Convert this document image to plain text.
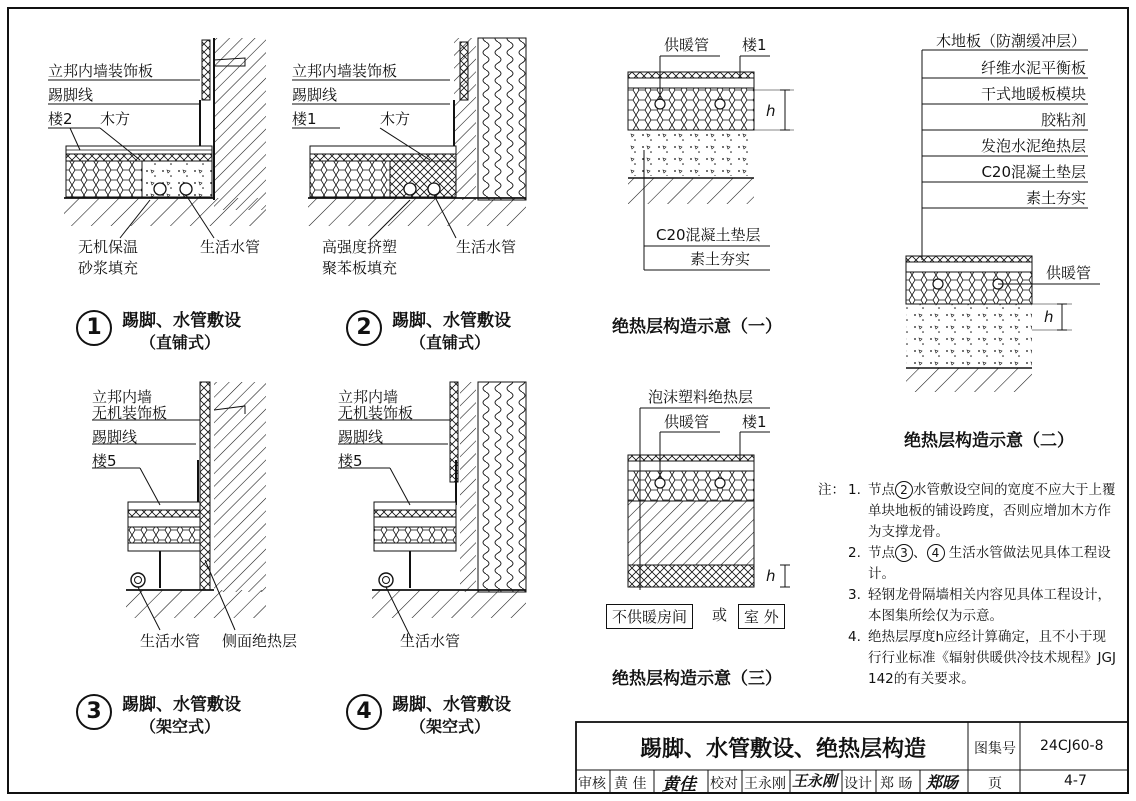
立邦内墙装饰板
踢脚线
楼2 木方
无机保温
砂浆填充
生活水管
1	踢脚、水管敷设
（直铺式）
立邦内墙装饰板
踢脚线
楼1	木方
高强度挤塑
聚苯板填充
生活水管
2	踢脚、水管敷设
（直铺式）
立邦内墙
无机装饰板
踢脚线
楼5
生活水管 侧面绝热层
3	踢脚、水管敷设
（架空式）
立邦内墙
无机装饰板
踢脚线
楼5
生活水管
4	踢脚、水管敷设
（架空式）
供暖管 楼1
h
C20混凝土垫层
素土夯实
绝热层构造示意（一）
泡沫塑料绝热层
供暖管 楼1
h
不供暖房间	或	室 外
绝热层构造示意（三）
木地板（防潮缓冲层）
纤维水泥平衡板
干式地暖板模块
胶粘剂
发泡水泥绝热层
C20混凝土垫层
素土夯实
供暖管
h
绝热层构造示意（二）
注： 1. 节点 2 水管敷设空间的宽度不应大于上覆单块地板的铺设跨度，否则应增加木方作为支撑龙骨。
2. 节点 3 、 4 生活水管做法见具体工程设计。
3. 轻钢龙骨隔墙相关内容见具体工程设计，本图集所绘仅为示意。
4. 绝热层厚度h应经计算确定，且不小于现行行业标准《辐射供暖供冷技术规程》JGJ 142的有关要求。
踢脚、水管敷设、绝热层构造	图集号 24CJ60-8
审核 黄 佳 黄佳 校对 王永刚 王永刚 设计 郑 旸 郑旸 页	4-7
